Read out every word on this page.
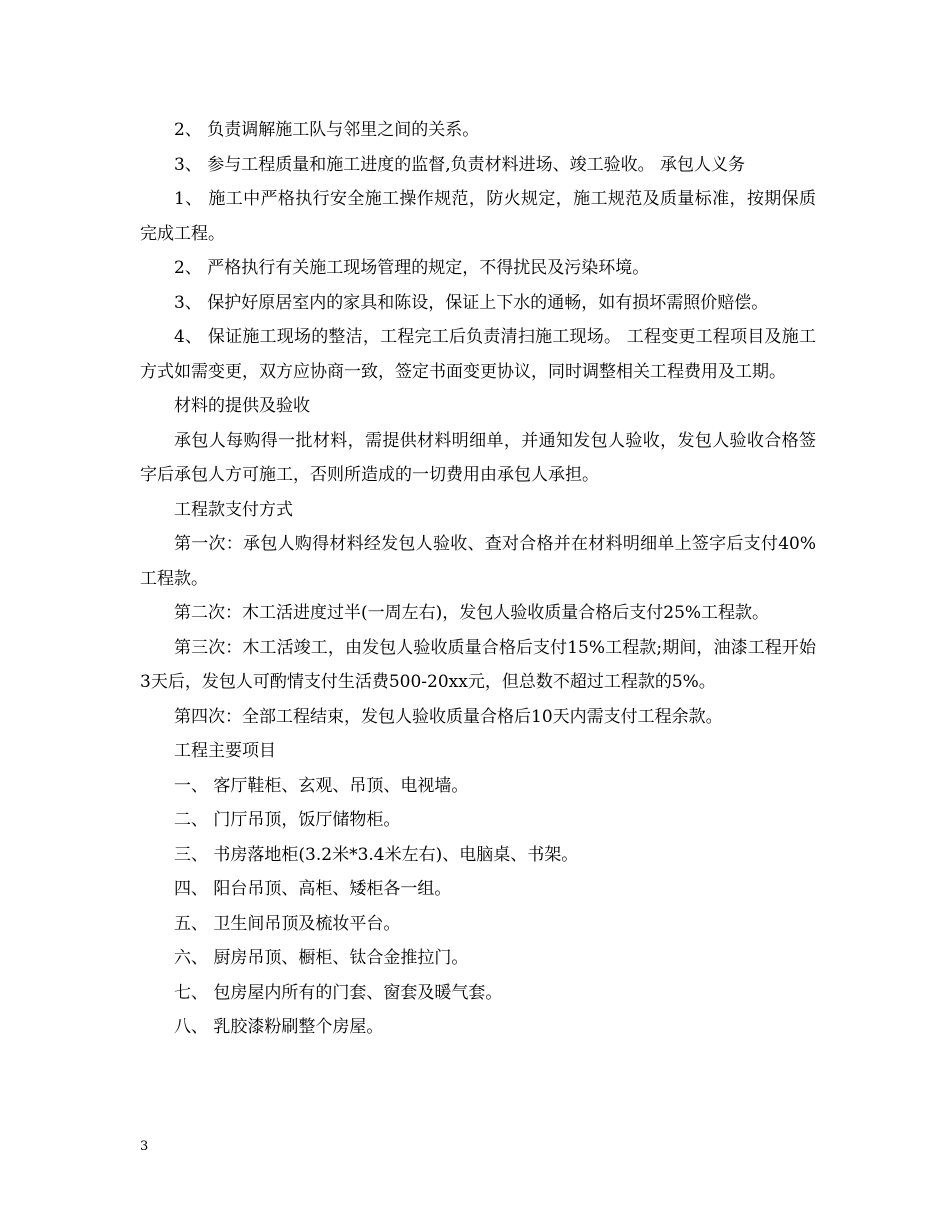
2、 负责调解施工队与邻里之间的关系。

3、 参与工程质量和施工进度的监督,负责材料进场、竣工验收。 承包人义务

1、 施工中严格执行安全施工操作规范，防火规定，施工规范及质量标准，按期保质完成工程。

2、 严格执行有关施工现场管理的规定，不得扰民及污染环境。

3、 保护好原居室内的家具和陈设，保证上下水的通畅，如有损坏需照价赔偿。

4、 保证施工现场的整洁，工程完工后负责清扫施工现场。 工程变更工程项目及施工方式如需变更，双方应协商一致，签定书面变更协议，同时调整相关工程费用及工期。

材料的提供及验收

承包人每购得一批材料，需提供材料明细单，并通知发包人验收，发包人验收合格签字后承包人方可施工，否则所造成的一切费用由承包人承担。

工程款支付方式

第一次：承包人购得材料经发包人验收、查对合格并在材料明细单上签字后支付40%工程款。

第二次：木工活进度过半(一周左右)，发包人验收质量合格后支付25%工程款。

第三次：木工活竣工，由发包人验收质量合格后支付15%工程款;期间，油漆工程开始3天后，发包人可酌情支付生活费500-20xx元，但总数不超过工程款的5%。

第四次：全部工程结束，发包人验收质量合格后10天内需支付工程余款。

工程主要项目

一、 客厅鞋柜、玄观、吊顶、电视墙。

二、 门厅吊顶，饭厅储物柜。

三、 书房落地柜(3.2米*3.4米左右)、电脑桌、书架。

四、 阳台吊顶、高柜、矮柜各一组。

五、 卫生间吊顶及梳妆平台。

六、 厨房吊顶、橱柜、钛合金推拉门。

七、 包房屋内所有的门套、窗套及暖气套。

八、 乳胶漆粉刷整个房屋。

3
